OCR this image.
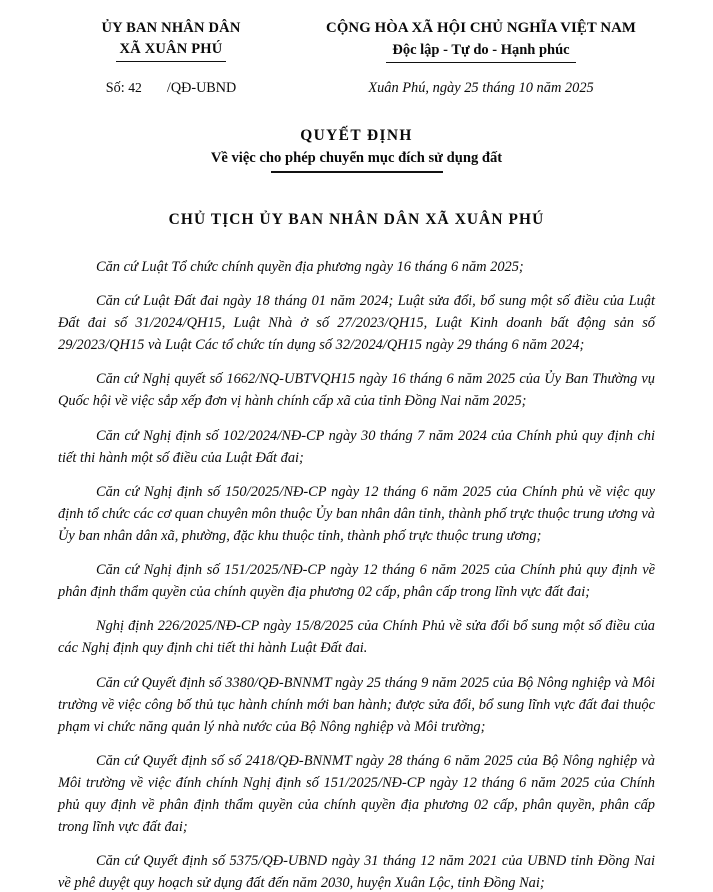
ỦY BAN NHÂN DÂN
XÃ XUÂN PHÚ
CỘNG HÒA XÃ HỘI CHỦ NGHĨA VIỆT NAM
Độc lập - Tự do - Hạnh phúc
Số: 42 /QĐ-UBND	Xuân Phú, ngày 25 tháng 10 năm 2025
QUYẾT ĐỊNH
Về việc cho phép chuyển mục đích sử dụng đất
CHỦ TỊCH ỦY BAN NHÂN DÂN XÃ XUÂN PHÚ

Căn cứ Luật Tổ chức chính quyền địa phương ngày 16 tháng 6 năm 2025;

Căn cứ Luật Đất đai ngày 18 tháng 01 năm 2024; Luật sửa đổi, bổ sung một số điều của Luật Đất đai số 31/2024/QH15, Luật Nhà ở số 27/2023/QH15, Luật Kinh doanh bất động sản số 29/2023/QH15 và Luật Các tổ chức tín dụng số 32/2024/QH15 ngày 29 tháng 6 năm 2024;

Căn cứ Nghị quyết số 1662/NQ-UBTVQH15 ngày 16 tháng 6 năm 2025 của Ủy Ban Thường vụ Quốc hội về việc sắp xếp đơn vị hành chính cấp xã của tỉnh Đồng Nai năm 2025;

Căn cứ Nghị định số 102/2024/NĐ-CP ngày 30 tháng 7 năm 2024 của Chính phủ quy định chi tiết thi hành một số điều của Luật Đất đai;

Căn cứ Nghị định số 150/2025/NĐ-CP ngày 12 tháng 6 năm 2025 của Chính phủ về việc quy định tổ chức các cơ quan chuyên môn thuộc Ủy ban nhân dân tỉnh, thành phố trực thuộc trung ương và Ủy ban nhân dân xã, phường, đặc khu thuộc tỉnh, thành phố trực thuộc trung ương;

Căn cứ Nghị định số 151/2025/NĐ-CP ngày 12 tháng 6 năm 2025 của Chính phủ quy định về phân định thẩm quyền của chính quyền địa phương 02 cấp, phân cấp trong lĩnh vực đất đai;

Nghị định 226/2025/NĐ-CP ngày 15/8/2025 của Chính Phủ về sửa đổi bổ sung một số điều của các Nghị định quy định chi tiết thi hành Luật Đất đai.

Căn cứ Quyết định số 3380/QĐ-BNNMT ngày 25 tháng 9 năm 2025 của Bộ Nông nghiệp và Môi trường về việc công bố thủ tục hành chính mới ban hành; được sửa đổi, bổ sung lĩnh vực đất đai thuộc phạm vi chức năng quản lý nhà nước của Bộ Nông nghiệp và Môi trường;

Căn cứ Quyết định số số 2418/QĐ-BNNMT ngày 28 tháng 6 năm 2025 của Bộ Nông nghiệp và Môi trường về việc đính chính Nghị định số 151/2025/NĐ-CP ngày 12 tháng 6 năm 2025 của Chính phủ quy định về phân định thẩm quyền của chính quyền địa phương 02 cấp, phân quyền, phân cấp trong lĩnh vực đất đai;

Căn cứ Quyết định số 5375/QĐ-UBND ngày 31 tháng 12 năm 2021 của UBND tỉnh Đồng Nai về phê duyệt quy hoạch sử dụng đất đến năm 2030, huyện Xuân Lộc, tỉnh Đồng Nai;
